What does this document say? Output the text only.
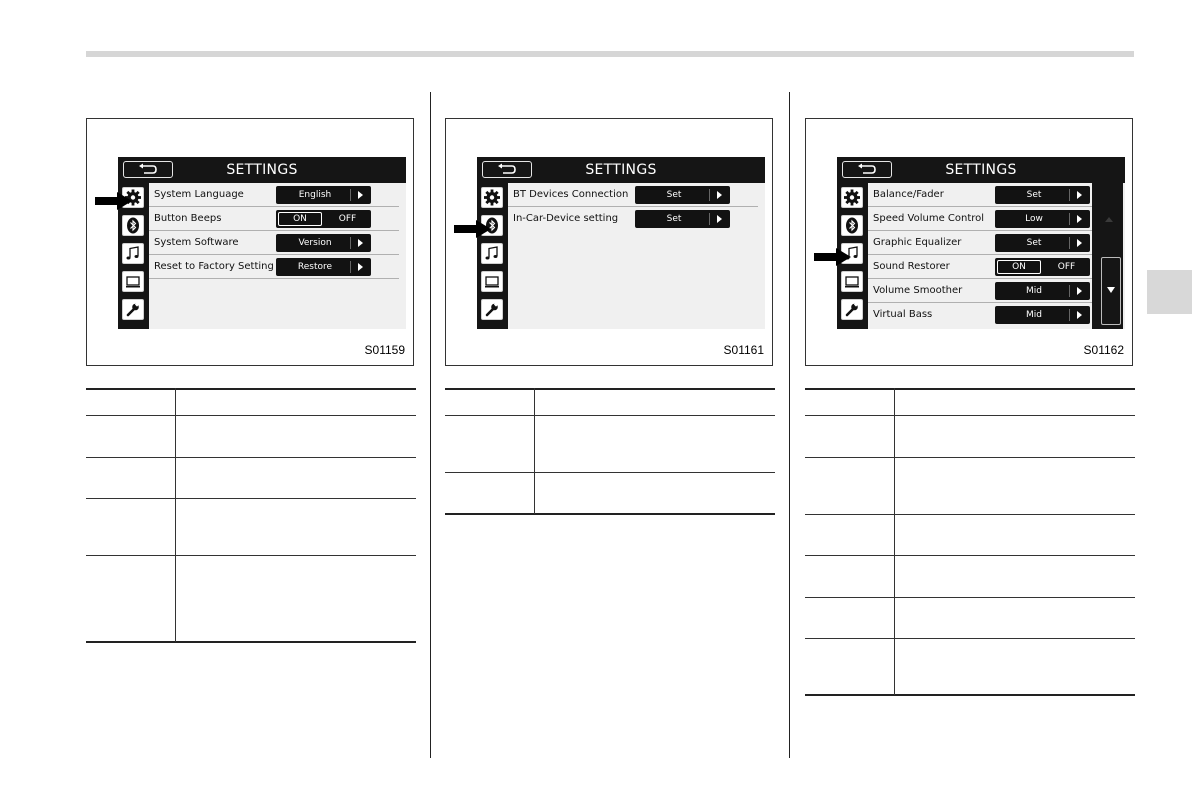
SETTINGS
System Language	English
Button Beeps	ON	OFF
System Software	Version
Reset to Factory Setting	Restore
S01159
SETTINGS
BT Devices Connection	Set
In-Car-Device setting	Set
S01161
SETTINGS
Balance/Fader	Set
Speed Volume Control	Low
Graphic Equalizer	Set
Sound Restorer	ON	OFF
Volume Smoother	Mid
Virtual Bass	Mid
S01162
